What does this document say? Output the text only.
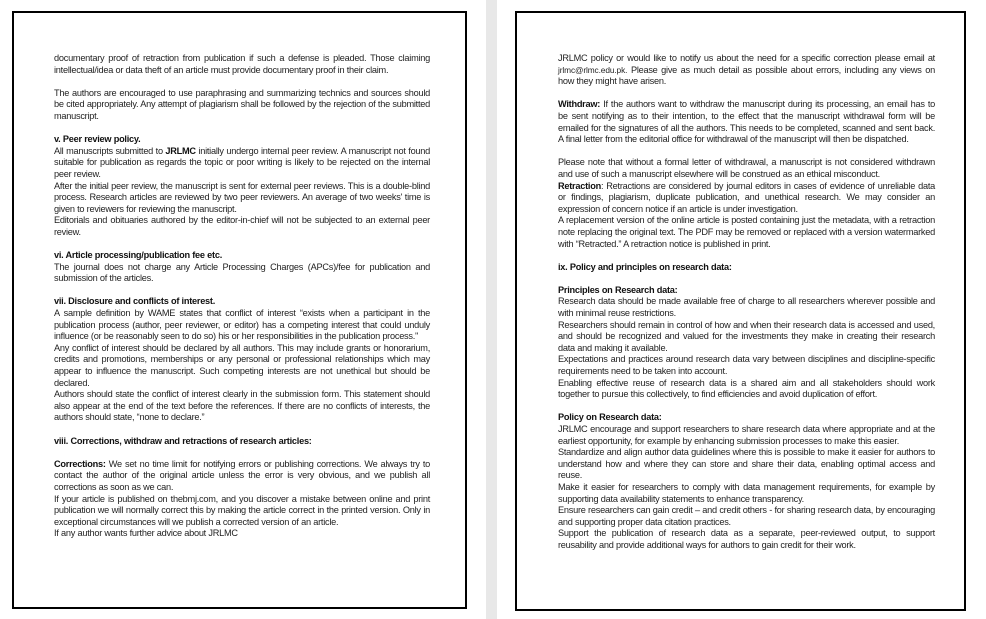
documentary proof of retraction from publication if such a defense is pleaded. Those claiming intellectual/idea or data theft of an article must provide documentary proof in their claim.
The authors are encouraged to use paraphrasing and summarizing technics and sources should be cited appropriately. Any attempt of plagiarism shall be followed by the rejection of the submitted manuscript.
v. Peer review policy.
All manuscripts submitted to JRLMC initially undergo internal peer review. A manuscript not found suitable for publication as regards the topic or poor writing is likely to be rejected on the internal peer review.
After the initial peer review, the manuscript is sent for external peer reviews. This is a double-blind process. Research articles are reviewed by two peer reviewers. An average of two weeks' time is given to reviewers for reviewing the manuscript.
Editorials and obituaries authored by the editor-in-chief will not be subjected to an external peer review.
vi. Article processing/publication fee etc.
The journal does not charge any Article Processing Charges (APCs)/fee for publication and submission of the articles.
vii. Disclosure and conflicts of interest.
A sample definition by WAME states that conflict of interest “exists when a participant in the publication process (author, peer reviewer, or editor) has a competing interest that could unduly influence (or be reasonably seen to do so) his or her responsibilities in the publication process.''
Any conflict of interest should be declared by all authors. This may include grants or honorarium, credits and promotions, memberships or any personal or professional relationships which may appear to influence the manuscript. Such competing interests are not unethical but should be declared.
Authors should state the conflict of interest clearly in the submission form. This statement should also appear at the end of the text before the references. If there are no conflicts of interests, the authors should state, “none to declare.”
viii. Corrections, withdraw and retractions of research articles:
Corrections: We set no time limit for notifying errors or publishing corrections. We always try to contact the author of the original article unless the error is very obvious, and we publish all corrections as soon as we can.
If your article is published on thebmj.com, and you discover a mistake between online and print publication we will normally correct this by making the article correct in the printed version. Only in exceptional circumstances will we publish a corrected version of an article.
If any author wants further advice about JRLMC
JRLMC policy or would like to notify us about the need for a specific correction please email at jrlmc@rlmc.edu.pk. Please give as much detail as possible about errors, including any views on how they might have arisen.
Withdraw: If the authors want to withdraw the manuscript during its processing, an email has to be sent notifying as to their intention, to the effect that the manuscript withdrawal form will be emailed for the signatures of all the authors. This needs to be completed, scanned and sent back. A final letter from the editorial office for withdrawal of the manuscript will then be dispatched.
Please note that without a formal letter of withdrawal, a manuscript is not considered withdrawn and use of such a manuscript elsewhere will be construed as an ethical misconduct.
Retraction: Retractions are considered by journal editors in cases of evidence of unreliable data or findings, plagiarism, duplicate publication, and unethical research. We may consider an expression of concern notice if an article is under investigation.
A replacement version of the online article is posted containing just the metadata, with a retraction note replacing the original text. The PDF may be removed or replaced with a version watermarked with “Retracted.” A retraction notice is published in print.
ix. Policy and principles on research data:
Principles on Research data:
Research data should be made available free of charge to all researchers wherever possible and with minimal reuse restrictions.
Researchers should remain in control of how and when their research data is accessed and used, and should be recognized and valued for the investments they make in creating their research data and making it available.
Expectations and practices around research data vary between disciplines and discipline-specific requirements need to be taken into account.
Enabling effective reuse of research data is a shared aim and all stakeholders should work together to pursue this collectively, to find efficiencies and avoid duplication of effort.
Policy on Research data:
JRLMC encourage and support researchers to share research data where appropriate and at the earliest opportunity, for example by enhancing submission processes to make this easier.
Standardize and align author data guidelines where this is possible to make it easier for authors to understand how and where they can store and share their data, enabling optimal access and reuse.
Make it easier for researchers to comply with data management requirements, for example by supporting data availability statements to enhance transparency.
Ensure researchers can gain credit – and credit others - for sharing research data, by encouraging and supporting proper data citation practices.
Support the publication of research data as a separate, peer-reviewed output, to support reusability and provide additional ways for authors to gain credit for their work.
